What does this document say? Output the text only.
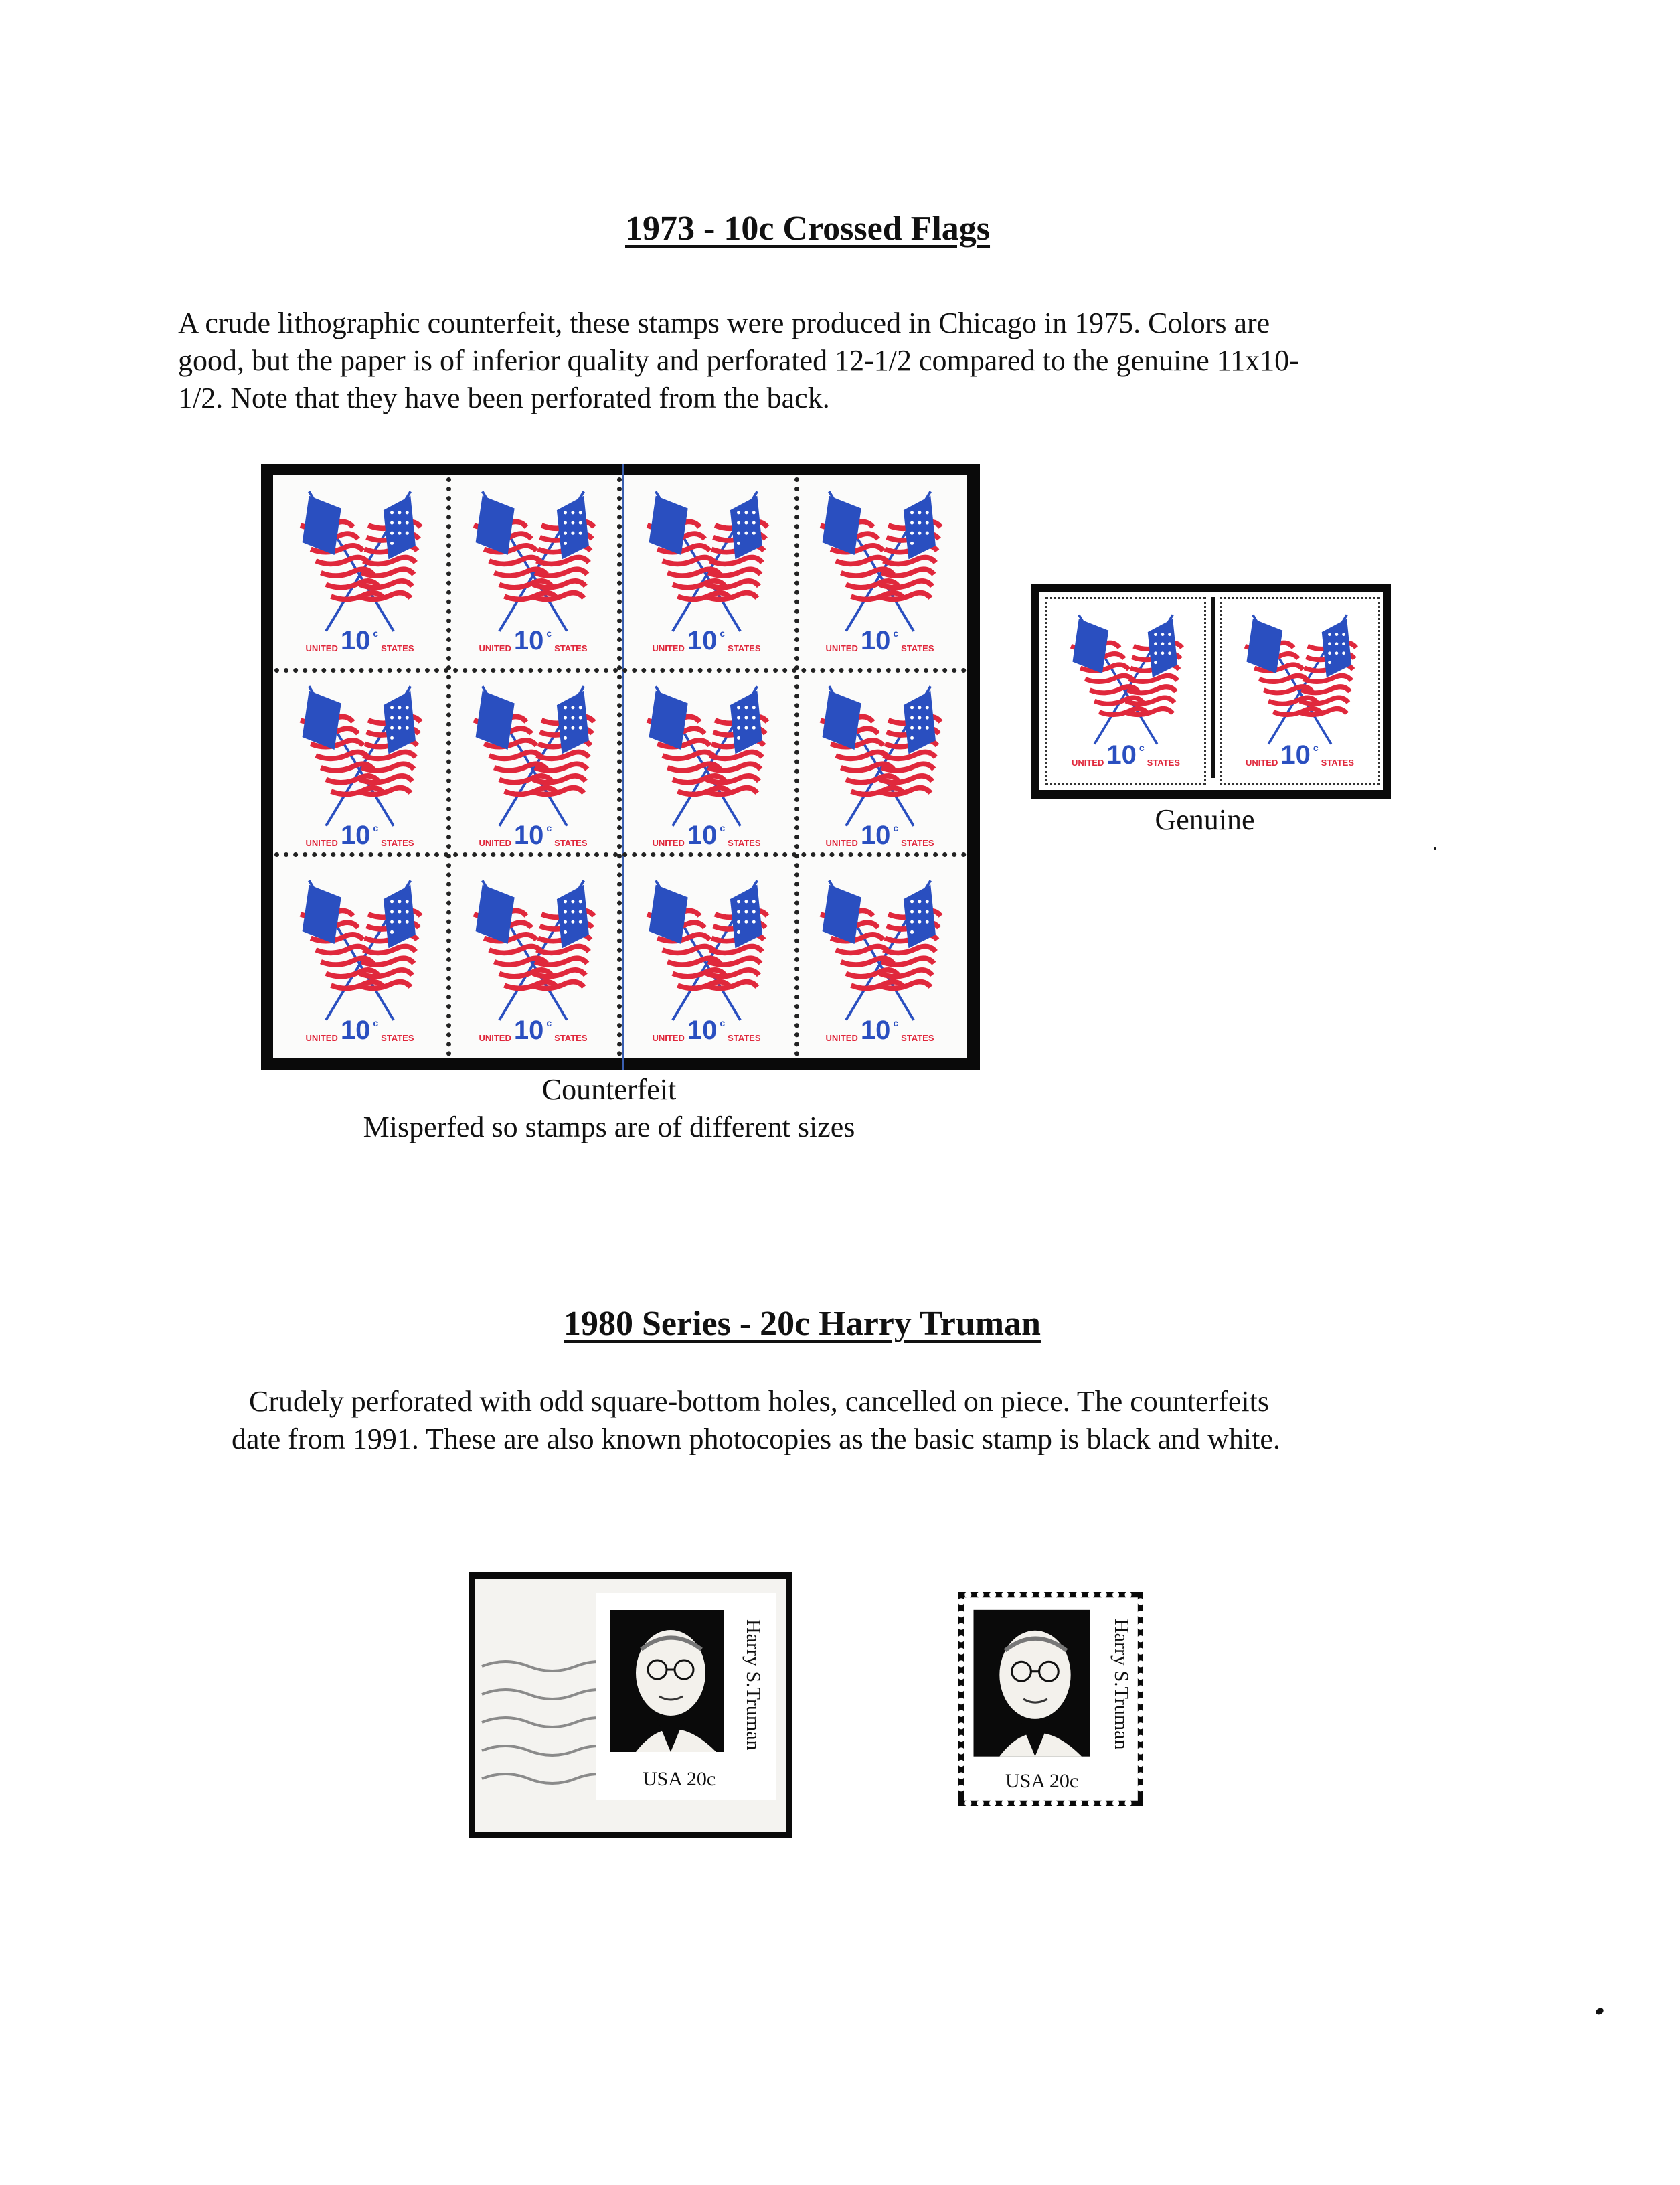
1973 - 10c Crossed Flags
A crude lithographic counterfeit, these stamps were produced in Chicago in 1975. Colors are
good, but the paper is of inferior quality and perforated 12-1/2 compared to the genuine 11x10-
1/2. Note that they have been perforated from the back.
UNITED 10 c
STATES	UNITED 10 c
STATES	UNITED 10 c
STATES	UNITED 10 c
STATES
UNITED 10 c
STATES	UNITED 10 c
STATES	UNITED 10 c
STATES	UNITED 10 c
STATES
UNITED 10 c
STATES	UNITED 10 c
STATES	UNITED 10 c
STATES	UNITED 10 c
STATES
Counterfeit
Misperfed so stamps are of different sizes
UNITED 10 c
STATES	UNITED 10 c
STATES
Genuine
1980 Series - 20c Harry Truman
Crudely perforated with odd square-bottom holes, cancelled on piece. The counterfeits
date from 1991. These are also known photocopies as the basic stamp is black and white.
Harry S.Truman
USA 20c
Harry S.Truman
USA 20c
